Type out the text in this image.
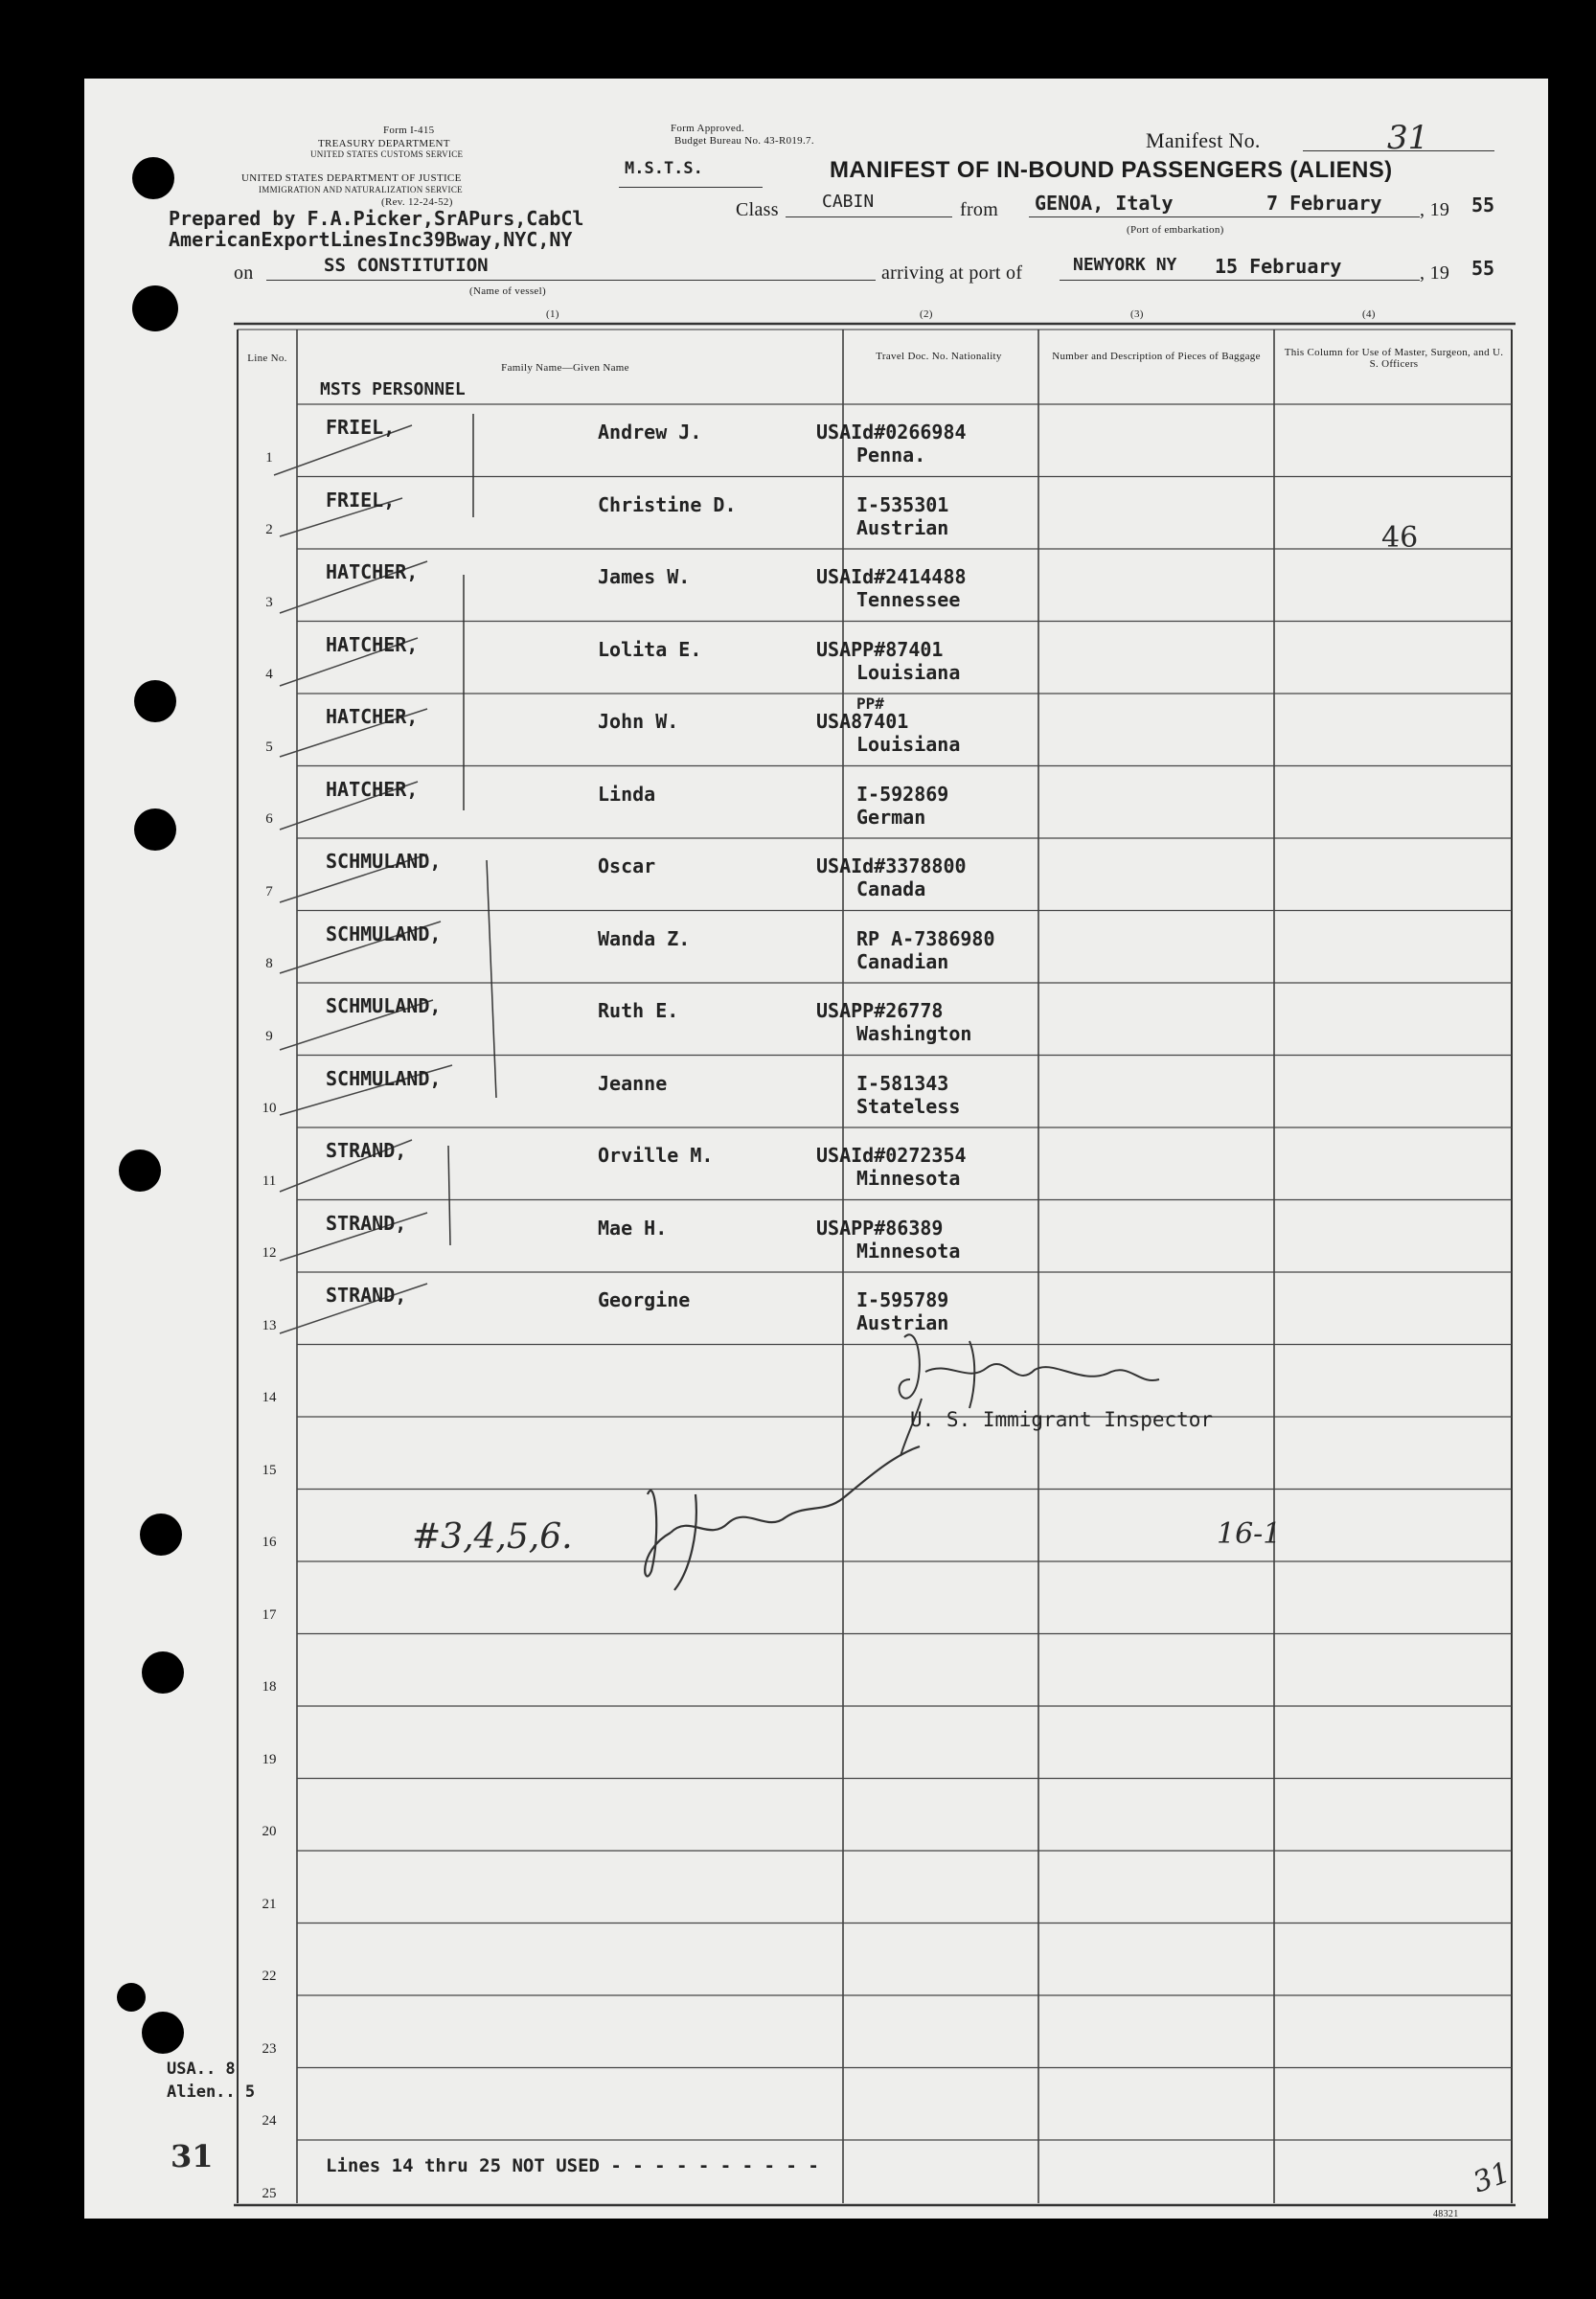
Form I-415
TREASURY DEPARTMENT
UNITED STATES CUSTOMS SERVICE
UNITED STATES DEPARTMENT OF JUSTICE
IMMIGRATION AND NATURALIZATION SERVICE
(Rev. 12-24-52)
Form Approved.
Budget Bureau No. 43-R019.7.
M.S.T.S.
Manifest No.	31
MANIFEST OF IN-BOUND PASSENGERS (ALIENS)
Class	CABIN	from GENOA, Italy	7 February , 19 55
(Port of embarkation)
Prepared by F.A.Picker,SrAPurs,CabCl
AmericanExportLinesInc39Bway,NYC,NY
on	SS CONSTITUTION
(Name of vessel)
arriving at port of	NEWYORK NY 15 February	, 19 55
(1)	(2)	(3)	(4)
Line No.
Family Name—Given Name
Travel Doc. No. Nationality	Number and Description of Pieces of Baggage	This Column for Use of Master, Surgeon, and U. S. Officers
MSTS PERSONNEL
1
FRIEL,	Andrew J.	USAId#0266984
Penna.
2
FRIEL,	Christine D.	I-535301
Austrian
3
HATCHER,	James W.	USAId#2414488
Tennessee
4
HATCHER,	Lolita E.	USAPP#87401
Louisiana
5
HATCHER,	John W.	USA87401
Louisiana
6
HATCHER,	Linda	I-592869
German
7
SCHMULAND,	Oscar	USAId#3378800
Canada
8
SCHMULAND,	Wanda Z.	RP A-7386980
Canadian
9
SCHMULAND,	Ruth E.	USAPP#26778
Washington
10
SCHMULAND,	Jeanne	I-581343
Stateless
11
STRAND,	Orville M.	USAId#0272354
Minnesota
12
STRAND,	Mae H.	USAPP#86389
Minnesota
13
STRAND,	Georgine	I-595789
Austrian
14
15
16
17
18
19
20
21
22
23
24
25
PP#
46
U. S. Immigrant Inspector
#3,4,5,6.	16-1
Lines 14 thru 25 NOT USED - - - - - - - - - -
USA.. 8
Alien.. 5
31	31
48321
